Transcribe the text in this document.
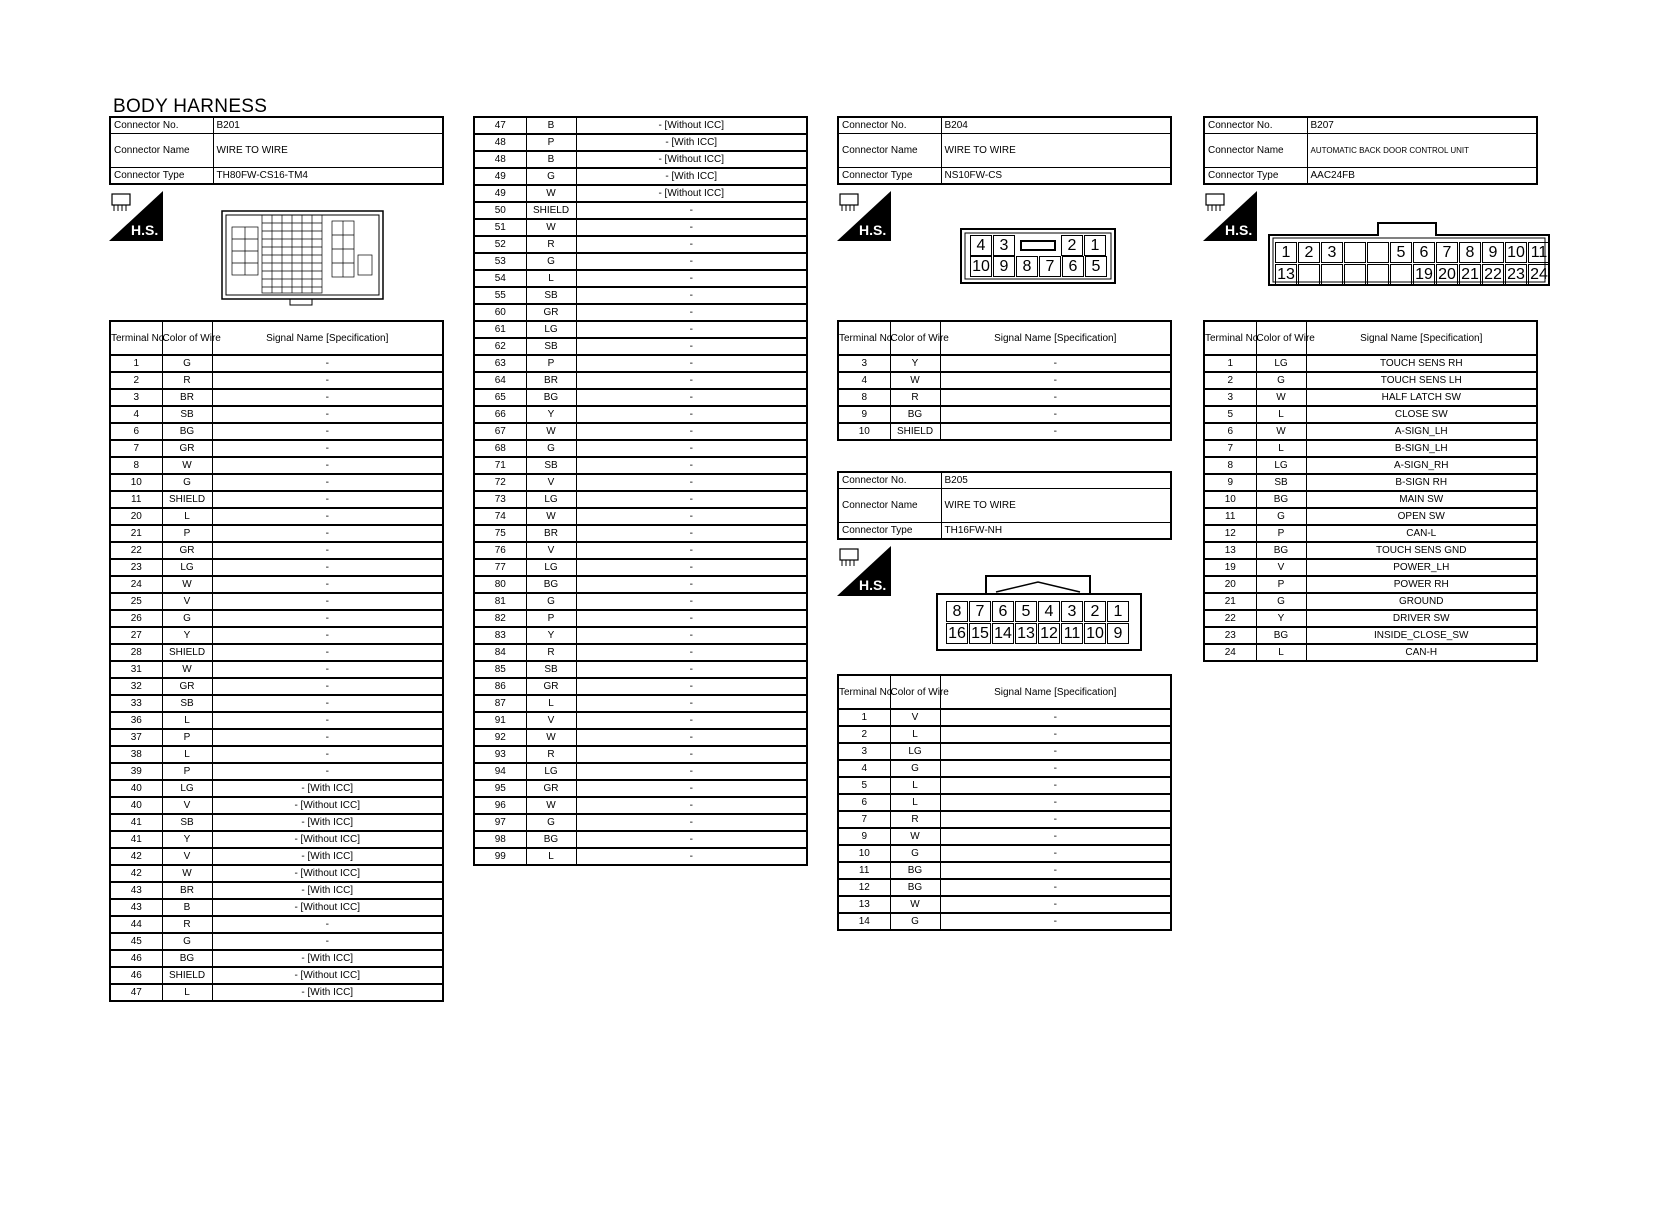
BODY HARNESS
Connector No.	B201
Connector Name	WIRE TO WIRE
Connector Type	TH80FW-CS16-TM4
H.S.	H.S.
H.S.
H.S.
4 3	2 1
10 9 8 7 6 5
8 7 6 5 4 3 2 1
16 15 14 13 12 11 10 9
1 2 3	5 6 7 8 9 10 11
13	19 20 21 22 23 24
Connector No.	B204
Connector Name	WIRE TO WIRE
Connector Type	NS10FW-CS
Connector No.	B205
Connector Name	WIRE TO WIRE
Connector Type	TH16FW-NH
Connector No.	B207
Connector Name	AUTOMATIC BACK DOOR CONTROL UNIT
Connector Type	AAC24FB
Terminal No.	Color of Wire	Signal Name [Specification]
1	G	-
2	R	-
3	BR	-
4	SB	-
6	BG	-
7	GR	-
8	W	-
10	G	-
11	SHIELD	-
20	L	-
21	P	-
22	GR	-
23	LG	-
24	W	-
25	V	-
26	G	-
27	Y	-
28	SHIELD	-
31	W	-
32	GR	-
33	SB	-
36	L	-
37	P	-
38	L	-
39	P	-
40	LG	- [With ICC]
40	V	- [Without ICC]
41	SB	- [With ICC]
41	Y	- [Without ICC]
42	V	- [With ICC]
42	W	- [Without ICC]
43	BR	- [With ICC]
43	B	- [Without ICC]
44	R	-
45	G	-
46	BG	- [With ICC]
46	SHIELD	- [Without ICC]
47	L	- [With ICC]
47	B	- [Without ICC]
48	P	- [With ICC]
48	B	- [Without ICC]
49	G	- [With ICC]
49	W	- [Without ICC]
50	SHIELD	-
51	W	-
52	R	-
53	G	-
54	L	-
55	SB	-
60	GR	-
61	LG	-
62	SB	-
63	P	-
64	BR	-
65	BG	-
66	Y	-
67	W	-
68	G	-
71	SB	-
72	V	-
73	LG	-
74	W	-
75	BR	-
76	V	-
77	LG	-
80	BG	-
81	G	-
82	P	-
83	Y	-
84	R	-
85	SB	-
86	GR	-
87	L	-
91	V	-
92	W	-
93	R	-
94	LG	-
95	GR	-
96	W	-
97	G	-
98	BG	-
99	L	-
Terminal No.	Color of Wire	Signal Name [Specification]
3	Y	-
4	W	-
8	R	-
9	BG	-
10	SHIELD	-
Terminal No.	Color of Wire	Signal Name [Specification]
1	V	-
2	L	-
3	LG	-
4	G	-
5	L	-
6	L	-
7	R	-
9	W	-
10	G	-
11	BG	-
12	BG	-
13	W	-
14	G	-
Terminal No.	Color of Wire	Signal Name [Specification]
1	LG	TOUCH SENS RH
2	G	TOUCH SENS LH
3	W	HALF LATCH SW
5	L	CLOSE SW
6	W	A-SIGN_LH
7	L	B-SIGN_LH
8	LG	A-SIGN_RH
9	SB	B-SIGN RH
10	BG	MAIN SW
11	G	OPEN SW
12	P	CAN-L
13	BG	TOUCH SENS GND
19	V	POWER_LH
20	P	POWER RH
21	G	GROUND
22	Y	DRIVER SW
23	BG	INSIDE_CLOSE_SW
24	L	CAN-H
